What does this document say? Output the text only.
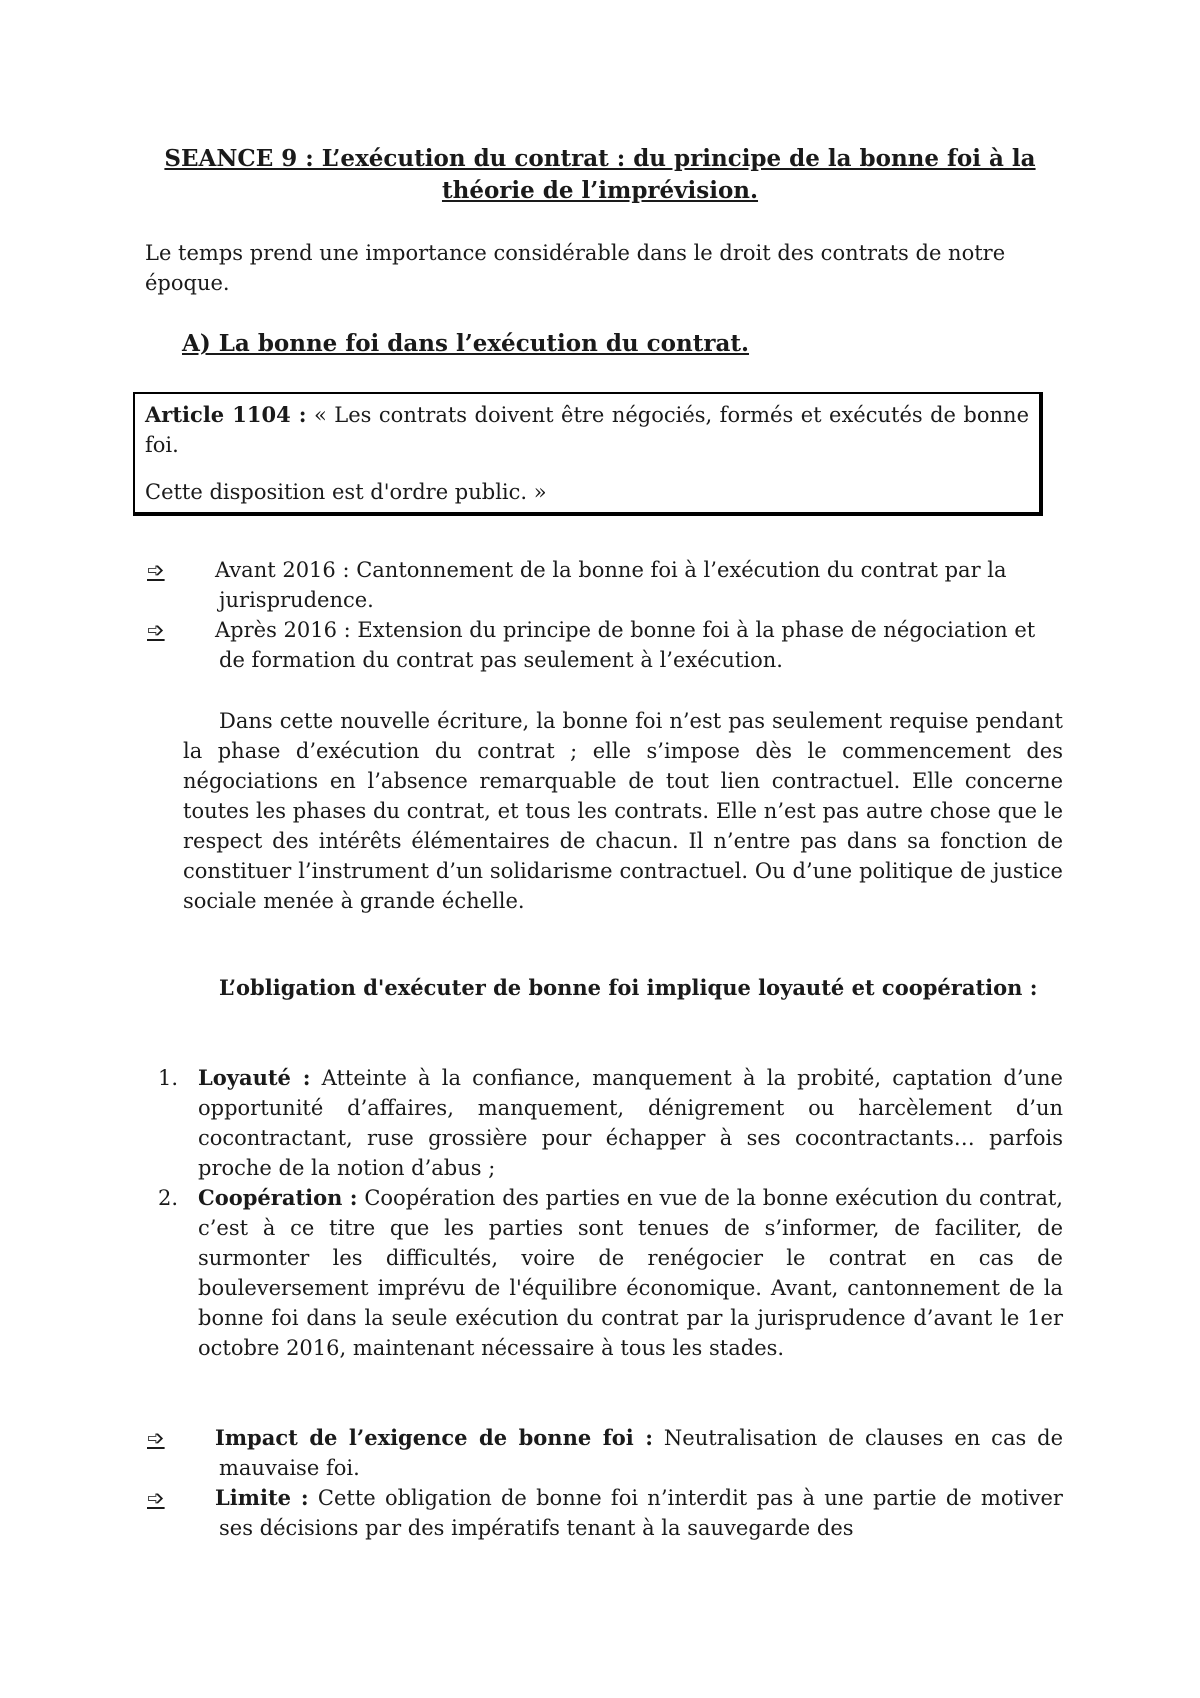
SEANCE 9 : L’exécution du contrat : du principe de la bonne foi à la théorie de l’imprévision.
Le temps prend une importance considérable dans le droit des contrats de notre époque.
A) La bonne foi dans l’exécution du contrat.

Article 1104 : « Les contrats doivent être négociés, formés et exécutés de bonne foi.

Cette disposition est d'ordre public. »

➩ Avant 2016 : Cantonnement de la bonne foi à l’exécution du contrat par la jurisprudence.
➩ Après 2016 : Extension du principe de bonne foi à la phase de négociation et de formation du contrat pas seulement à l’exécution.
Dans cette nouvelle écriture, la bonne foi n’est pas seulement requise pendant la phase d’exécution du contrat ; elle s’impose dès le commencement des négociations en l’absence remarquable de tout lien contractuel. Elle concerne toutes les phases du contrat, et tous les contrats. Elle n’est pas autre chose que le respect des intérêts élémentaires de chacun. Il n’entre pas dans sa fonction de constituer l’instrument d’un solidarisme contractuel. Ou d’une politique de justice sociale menée à grande échelle.
L’obligation d'exécuter de bonne foi implique loyauté et coopération :
1. Loyauté : Atteinte à la confiance, manquement à la probité, captation d’une opportunité d’affaires, manquement, dénigrement ou harcèlement d’un cocontractant, ruse grossière pour échapper à ses cocontractants… parfois proche de la notion d’abus ;
2. Coopération : Coopération des parties en vue de la bonne exécution du contrat, c’est à ce titre que les parties sont tenues de s’informer, de faciliter, de surmonter les difficultés, voire de renégocier le contrat en cas de bouleversement imprévu de l'équilibre économique. Avant, cantonnement de la bonne foi dans la seule exécution du contrat par la jurisprudence d’avant le 1er octobre 2016, maintenant nécessaire à tous les stades.
➩ Impact de l’exigence de bonne foi : Neutralisation de clauses en cas de mauvaise foi.
➩ Limite : Cette obligation de bonne foi n’interdit pas à une partie de motiver ses décisions par des impératifs tenant à la sauvegarde des
